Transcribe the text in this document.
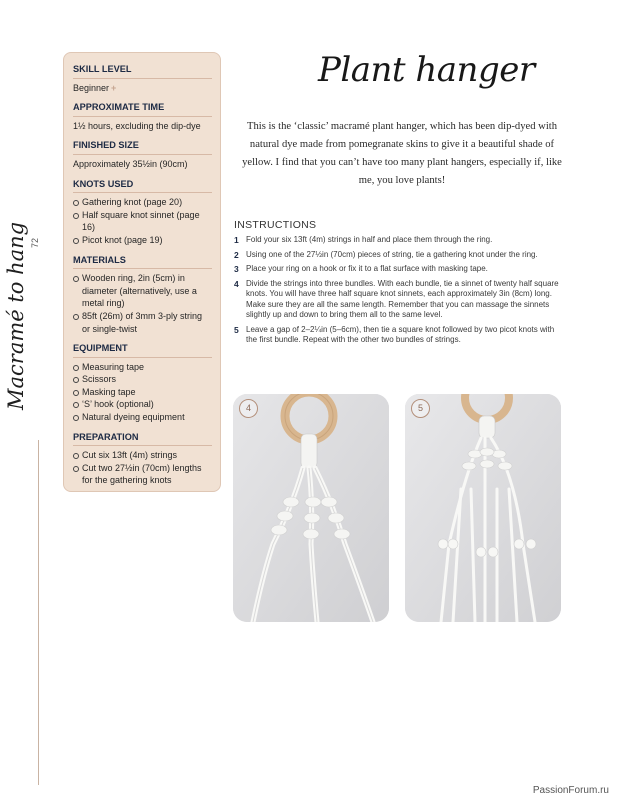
Macramé to hang 72
SKILL LEVEL
Beginner +
APPROXIMATE TIME
1½ hours, excluding the dip-dye
FINISHED SIZE
Approximately 35½in (90cm)
KNOTS USED
Gathering knot (page 20)
Half square knot sinnet (page 16)
Picot knot (page 19)
MATERIALS
Wooden ring, 2in (5cm) in diameter (alternatively, use a metal ring)
85ft (26m) of 3mm 3-ply string or single-twist
EQUIPMENT
Measuring tape
Scissors
Masking tape
‘S’ hook (optional)
Natural dyeing equipment
PREPARATION
Cut six 13ft (4m) strings
Cut two 27½in (70cm) lengths for the gathering knots
Plant hanger
This is the ‘classic’ macramé plant hanger, which has been dip-dyed with natural dye made from pomegranate skins to give it a beautiful shade of yellow. I find that you can’t have too many plant hangers, especially if, like me, you love plants!
INSTRUCTIONS
1 Fold your six 13ft (4m) strings in half and place them through the ring.
2 Using one of the 27½in (70cm) pieces of string, tie a gathering knot under the ring.
3 Place your ring on a hook or fix it to a flat surface with masking tape.
4 Divide the strings into three bundles. With each bundle, tie a sinnet of twenty half square knots. You will have three half square knot sinnets, each approximately 3in (8cm) long. Make sure they are all the same length. Remember that you can massage the sinnets slightly up and down to bring them all to the same level.
5 Leave a gap of 2–2¼in (5–6cm), then tie a square knot followed by two picot knots with the first bundle. Repeat with the other two bundles of strings.
4	5
PassionForum.ru
